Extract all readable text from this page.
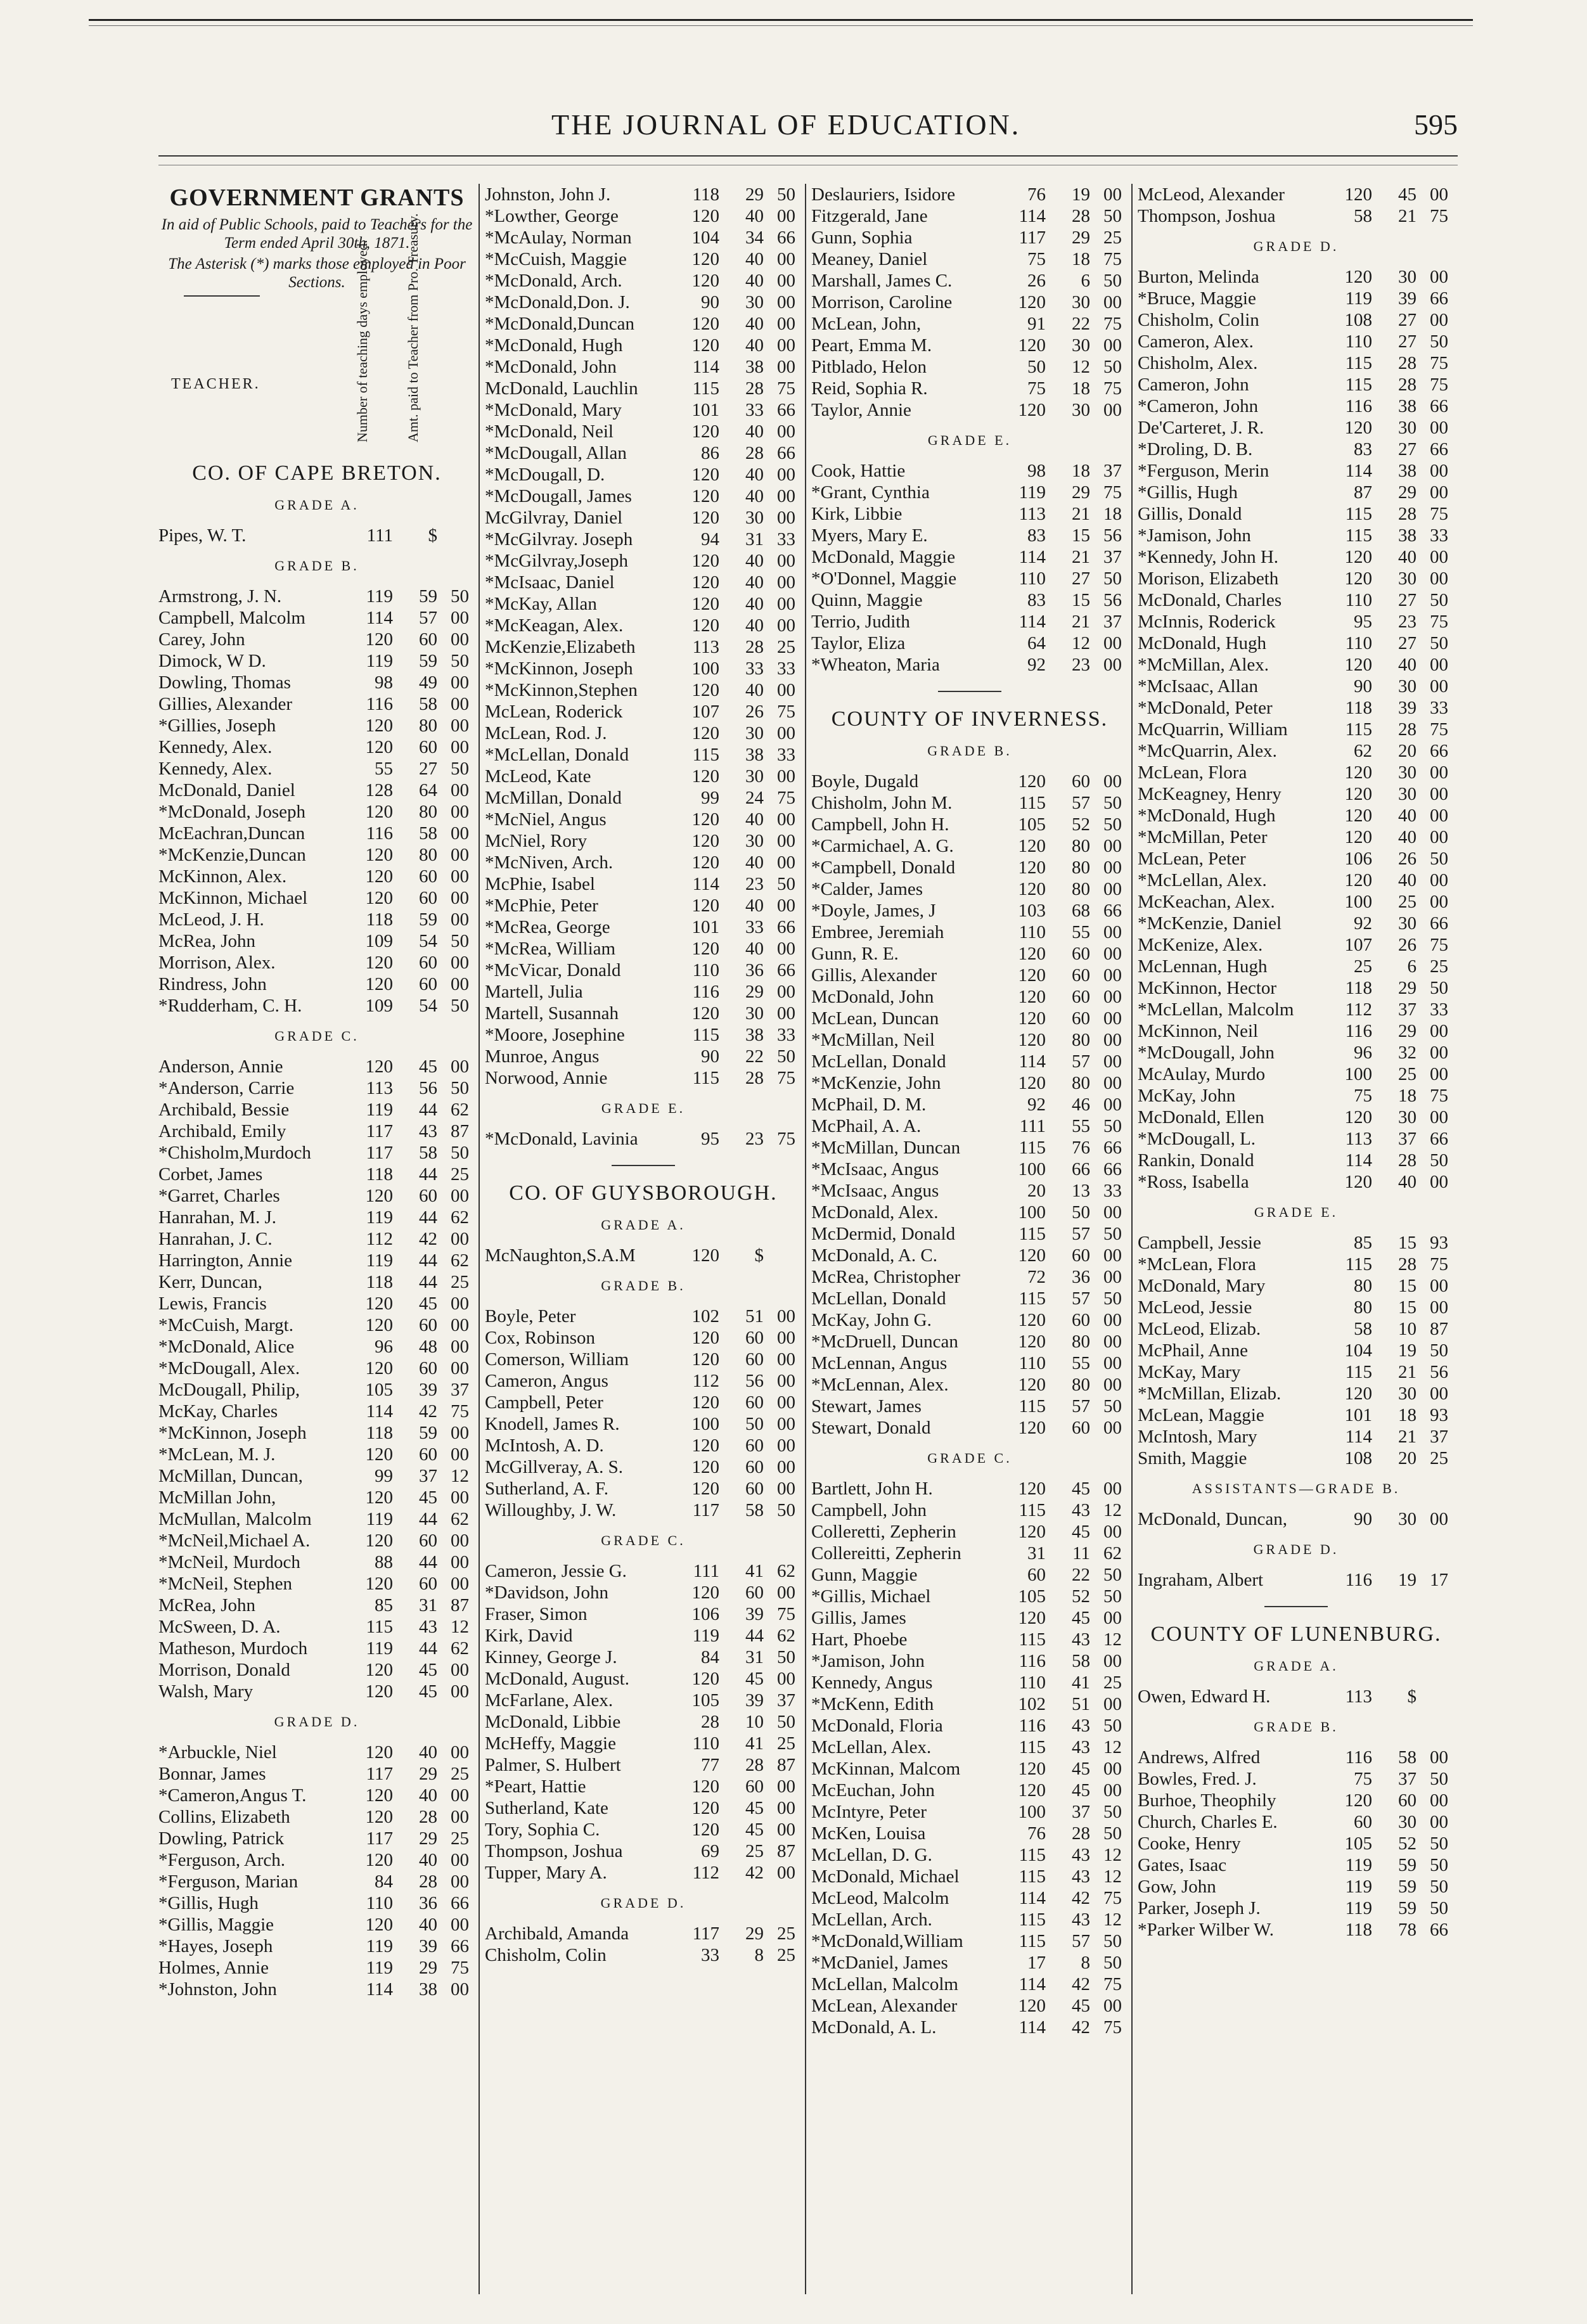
THE JOURNAL OF EDUCATION.	595
GOVERNMENT GRANTS
In aid of Public Schools, paid to Teachers for the Term ended April 30th, 1871.
The Asterisk (*) marks those employed in Poor Sections.
TEACHER.	Number of teaching days employed.	Amt. paid to Teacher from Pro. Treasury.
CO. OF CAPE BRETON.
GRADE A.
Pipes, W. T.	111	$
GRADE B.
Armstrong, J. N.	119	59 50
Campbell, Malcolm	114	57 00
Carey, John	120	60 00
Dimock, W D.	119	59 50
Dowling, Thomas	98	49 00
Gillies, Alexander	116	58 00
*Gillies, Joseph	120	80 00
Kennedy, Alex.	120	60 00
Kennedy, Alex.	55	27 50
McDonald, Daniel	128	64 00
*McDonald, Joseph	120	80 00
McEachran,Duncan	116	58 00
*McKenzie,Duncan	120	80 00
McKinnon, Alex.	120	60 00
McKinnon, Michael	120	60 00
McLeod, J. H.	118	59 00
McRea, John	109	54 50
Morrison, Alex.	120	60 00
Rindress, John	120	60 00
*Rudderham, C. H.	109	54 50
GRADE C.
Anderson, Annie	120	45 00
*Anderson, Carrie	113	56 50
Archibald, Bessie	119	44 62
Archibald, Emily	117	43 87
*Chisholm,Murdoch	117	58 50
Corbet, James	118	44 25
*Garret, Charles	120	60 00
Hanrahan, M. J.	119	44 62
Hanrahan, J. C.	112	42 00
Harrington, Annie	119	44 62
Kerr, Duncan,	118	44 25
Lewis, Francis	120	45 00
*McCuish, Margt.	120	60 00
*McDonald, Alice	96	48 00
*McDougall, Alex.	120	60 00
McDougall, Philip,	105	39 37
McKay, Charles	114	42 75
*McKinnon, Joseph	118	59 00
*McLean, M. J.	120	60 00
McMillan, Duncan,	99	37 12
McMillan John,	120	45 00
McMullan, Malcolm	119	44 62
*McNeil,Michael A.	120	60 00
*McNeil, Murdoch	88	44 00
*McNeil, Stephen	120	60 00
McRea, John	85	31 87
McSween, D. A.	115	43 12
Matheson, Murdoch	119	44 62
Morrison, Donald	120	45 00
Walsh, Mary	120	45 00
GRADE D.
*Arbuckle, Niel	120	40 00
Bonnar, James	117	29 25
*Cameron,Angus T.	120	40 00
Collins, Elizabeth	120	28 00
Dowling, Patrick	117	29 25
*Ferguson, Arch.	120	40 00
*Ferguson, Marian	84	28 00
*Gillis, Hugh	110	36 66
*Gillis, Maggie	120	40 00
*Hayes, Joseph	119	39 66
Holmes, Annie	119	29 75
*Johnston, John	114	38 00
Johnston, John J.	118	29 50
*Lowther, George	120	40 00
*McAulay, Norman	104	34 66
*McCuish, Maggie	120	40 00
*McDonald, Arch.	120	40 00
*McDonald,Don. J.	90	30 00
*McDonald,Duncan	120	40 00
*McDonald, Hugh	120	40 00
*McDonald, John	114	38 00
McDonald, Lauchlin	115	28 75
*McDonald, Mary	101	33 66
*McDonald, Neil	120	40 00
*McDougall, Allan	86	28 66
*McDougall, D.	120	40 00
*McDougall, James	120	40 00
McGilvray, Daniel	120	30 00
*McGilvray. Joseph	94	31 33
*McGilvray,Joseph	120	40 00
*McIsaac, Daniel	120	40 00
*McKay, Allan	120	40 00
*McKeagan, Alex.	120	40 00
McKenzie,Elizabeth	113	28 25
*McKinnon, Joseph	100	33 33
*McKinnon,Stephen	120	40 00
McLean, Roderick	107	26 75
McLean, Rod. J.	120	30 00
*McLellan, Donald	115	38 33
McLeod, Kate	120	30 00
McMillan, Donald	99	24 75
*McNiel, Angus	120	40 00
McNiel, Rory	120	30 00
*McNiven, Arch.	120	40 00
McPhie, Isabel	114	23 50
*McPhie, Peter	120	40 00
*McRea, George	101	33 66
*McRea, William	120	40 00
*McVicar, Donald	110	36 66
Martell, Julia	116	29 00
Martell, Susannah	120	30 00
*Moore, Josephine	115	38 33
Munroe, Angus	90	22 50
Norwood, Annie	115	28 75
GRADE E.
*McDonald, Lavinia	95	23 75
CO. OF GUYSBOROUGH.
GRADE A.
McNaughton,S.A.M	120	$
GRADE B.
Boyle, Peter	102	51 00
Cox, Robinson	120	60 00
Comerson, William	120	60 00
Cameron, Angus	112	56 00
Campbell, Peter	120	60 00
Knodell, James R.	100	50 00
McIntosh, A. D.	120	60 00
McGillveray, A. S.	120	60 00
Sutherland, A. F.	120	60 00
Willoughby, J. W.	117	58 50
GRADE C.
Cameron, Jessie G.	111	41 62
*Davidson, John	120	60 00
Fraser, Simon	106	39 75
Kirk, David	119	44 62
Kinney, George J.	84	31 50
McDonald, August.	120	45 00
McFarlane, Alex.	105	39 37
McDonald, Libbie	28	10 50
McHeffy, Maggie	110	41 25
Palmer, S. Hulbert	77	28 87
*Peart, Hattie	120	60 00
Sutherland, Kate	120	45 00
Tory, Sophia C.	120	45 00
Thompson, Joshua	69	25 87
Tupper, Mary A.	112	42 00
GRADE D.
Archibald, Amanda	117	29 25
Chisholm, Colin	33	8 25
Deslauriers, Isidore	76	19 00
Fitzgerald, Jane	114	28 50
Gunn, Sophia	117	29 25
Meaney, Daniel	75	18 75
Marshall, James C.	26	6 50
Morrison, Caroline	120	30 00
McLean, John,	91	22 75
Peart, Emma M.	120	30 00
Pitblado, Helon	50	12 50
Reid, Sophia R.	75	18 75
Taylor, Annie	120	30 00
GRADE E.
Cook, Hattie	98	18 37
*Grant, Cynthia	119	29 75
Kirk, Libbie	113	21 18
Myers, Mary E.	83	15 56
McDonald, Maggie	114	21 37
*O'Donnel, Maggie	110	27 50
Quinn, Maggie	83	15 56
Terrio, Judith	114	21 37
Taylor, Eliza	64	12 00
*Wheaton, Maria	92	23 00
COUNTY OF INVERNESS.
GRADE B.
Boyle, Dugald	120	60 00
Chisholm, John M.	115	57 50
Campbell, John H.	105	52 50
*Carmichael, A. G.	120	80 00
*Campbell, Donald	120	80 00
*Calder, James	120	80 00
*Doyle, James, J	103	68 66
Embree, Jeremiah	110	55 00
Gunn, R. E.	120	60 00
Gillis, Alexander	120	60 00
McDonald, John	120	60 00
McLean, Duncan	120	60 00
*McMillan, Neil	120	80 00
McLellan, Donald	114	57 00
*McKenzie, John	120	80 00
McPhail, D. M.	92	46 00
McPhail, A. A.	111	55 50
*McMillan, Duncan	115	76 66
*McIsaac, Angus	100	66 66
*McIsaac, Angus	20	13 33
McDonald, Alex.	100	50 00
McDermid, Donald	115	57 50
McDonald, A. C.	120	60 00
McRea, Christopher	72	36 00
McLellan, Donald	115	57 50
McKay, John G.	120	60 00
*McDruell, Duncan	120	80 00
McLennan, Angus	110	55 00
*McLennan, Alex.	120	80 00
Stewart, James	115	57 50
Stewart, Donald	120	60 00
GRADE C.
Bartlett, John H.	120	45 00
Campbell, John	115	43 12
Colleretti, Zepherin	120	45 00
Collereitti, Zepherin	31	11 62
Gunn, Maggie	60	22 50
*Gillis, Michael	105	52 50
Gillis, James	120	45 00
Hart, Phoebe	115	43 12
*Jamison, John	116	58 00
Kennedy, Angus	110	41 25
*McKenn, Edith	102	51 00
McDonald, Floria	116	43 50
McLellan, Alex.	115	43 12
McKinnan, Malcom	120	45 00
McEuchan, John	120	45 00
McIntyre, Peter	100	37 50
McKen, Louisa	76	28 50
McLellan, D. G.	115	43 12
McDonald, Michael	115	43 12
McLeod, Malcolm	114	42 75
McLellan, Arch.	115	43 12
*McDonald,William	115	57 50
*McDaniel, James	17	8 50
McLellan, Malcolm	114	42 75
McLean, Alexander	120	45 00
McDonald, A. L.	114	42 75
McLeod, Alexander	120	45 00
Thompson, Joshua	58	21 75
GRADE D.
Burton, Melinda	120	30 00
*Bruce, Maggie	119	39 66
Chisholm, Colin	108	27 00
Cameron, Alex.	110	27 50
Chisholm, Alex.	115	28 75
Cameron, John	115	28 75
*Cameron, John	116	38 66
De'Carteret, J. R.	120	30 00
*Droling, D. B.	83	27 66
*Ferguson, Merin	114	38 00
*Gillis, Hugh	87	29 00
Gillis, Donald	115	28 75
*Jamison, John	115	38 33
*Kennedy, John H.	120	40 00
Morison, Elizabeth	120	30 00
McDonald, Charles	110	27 50
McInnis, Roderick	95	23 75
McDonald, Hugh	110	27 50
*McMillan, Alex.	120	40 00
*McIsaac, Allan	90	30 00
*McDonald, Peter	118	39 33
McQuarrin, William	115	28 75
*McQuarrin, Alex.	62	20 66
McLean, Flora	120	30 00
McKeagney, Henry	120	30 00
*McDonald, Hugh	120	40 00
*McMillan, Peter	120	40 00
McLean, Peter	106	26 50
*McLellan, Alex.	120	40 00
McKeachan, Alex.	100	25 00
*McKenzie, Daniel	92	30 66
McKenize, Alex.	107	26 75
McLennan, Hugh	25	6 25
McKinnon, Hector	118	29 50
*McLellan, Malcolm	112	37 33
McKinnon, Neil	116	29 00
*McDougall, John	96	32 00
McAulay, Murdo	100	25 00
McKay, John	75	18 75
McDonald, Ellen	120	30 00
*McDougall, L.	113	37 66
Rankin, Donald	114	28 50
*Ross, Isabella	120	40 00
GRADE E.
Campbell, Jessie	85	15 93
*McLean, Flora	115	28 75
McDonald, Mary	80	15 00
McLeod, Jessie	80	15 00
McLeod, Elizab.	58	10 87
McPhail, Anne	104	19 50
McKay, Mary	115	21 56
*McMillan, Elizab.	120	30 00
McLean, Maggie	101	18 93
McIntosh, Mary	114	21 37
Smith, Maggie	108	20 25
ASSISTANTS—GRADE B.
McDonald, Duncan,	90	30 00
GRADE D.
Ingraham, Albert	116	19 17
COUNTY OF LUNENBURG.
GRADE A.
Owen, Edward H.	113	$
GRADE B.
Andrews, Alfred	116	58 00
Bowles, Fred. J.	75	37 50
Burhoe, Theophily	120	60 00
Church, Charles E.	60	30 00
Cooke, Henry	105	52 50
Gates, Isaac	119	59 50
Gow, John	119	59 50
Parker, Joseph J.	119	59 50
*Parker Wilber W.	118	78 66
